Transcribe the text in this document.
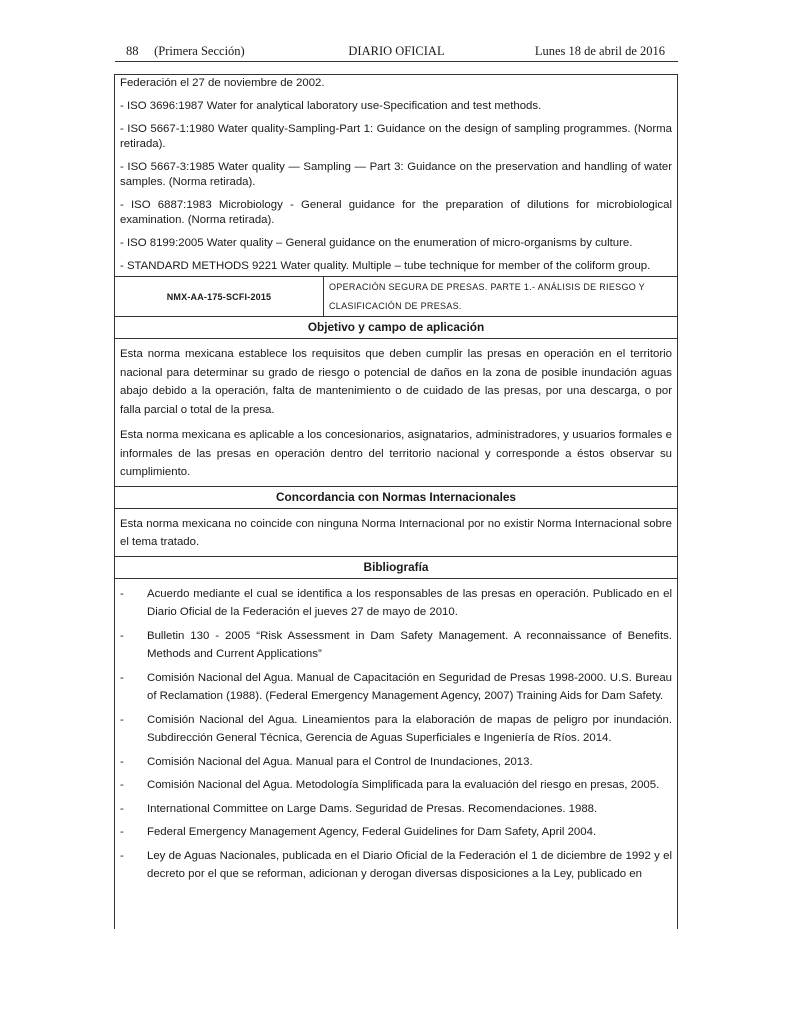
88     (Primera Sección)	DIARIO OFICIAL	Lunes 18 de abril de 2016

Federación el 27 de noviembre de 2002.

- ISO 3696:1987 Water for analytical laboratory use-Specification and test methods.

- ISO 5667-1:1980 Water quality-Sampling-Part 1: Guidance on the design of sampling programmes. (Norma retirada).

- ISO 5667-3:1985 Water quality — Sampling — Part 3: Guidance on the preservation and handling of water samples. (Norma retirada).

- ISO 6887:1983 Microbiology - General guidance for the preparation of dilutions for microbiological examination. (Norma retirada).

- ISO 8199:2005 Water quality – General guidance on the enumeration of micro-organisms by culture.

- STANDARD METHODS 9221 Water quality. Multiple – tube technique for member of the coliform group.

NMX-AA-175-SCFI-2015
OPERACIÓN SEGURA DE PRESAS. PARTE 1.- ANÁLISIS DE RIESGO Y CLASIFICACIÓN DE PRESAS.
Objetivo y campo de aplicación

Esta norma mexicana establece los requisitos que deben cumplir las presas en operación en el territorio nacional para determinar su grado de riesgo o potencial de daños en la zona de posible inundación aguas abajo debido a la operación, falta de mantenimiento o de cuidado de las presas, por una descarga, o por falla parcial o total de la presa.

Esta norma mexicana es aplicable a los concesionarios, asignatarios, administradores, y usuarios formales e informales de las presas en operación dentro del territorio nacional y corresponde a éstos observar su cumplimiento.

Concordancia con Normas Internacionales

Esta norma mexicana no coincide con ninguna Norma Internacional por no existir Norma Internacional sobre el tema tratado.

Bibliografía
-	Acuerdo mediante el cual se identifica a los responsables de las presas en operación. Publicado en el Diario Oficial de la Federación el jueves 27 de mayo de 2010.
-	Bulletin 130 - 2005 “Risk Assessment in Dam Safety Management. A reconnaissance of Benefits. Methods and Current Applications”
-	Comisión Nacional del Agua. Manual de Capacitación en Seguridad de Presas 1998-2000. U.S. Bureau of Reclamation (1988). (Federal Emergency Management Agency, 2007) Training Aids for Dam Safety.
-	Comisión Nacional del Agua. Lineamientos para la elaboración de mapas de peligro por inundación. Subdirección General Técnica, Gerencia de Aguas Superficiales e Ingeniería de Ríos. 2014.
-	Comisión Nacional del Agua. Manual para el Control de Inundaciones, 2013.
-	Comisión Nacional del Agua. Metodología Simplificada para la evaluación del riesgo en presas, 2005.
-	International Committee on Large Dams. Seguridad de Presas. Recomendaciones. 1988.
-	Federal Emergency Management Agency, Federal Guidelines for Dam Safety, April 2004.
-	Ley de Aguas Nacionales, publicada en el Diario Oficial de la Federación el 1 de diciembre de 1992 y el decreto por el que se reforman, adicionan y derogan diversas disposiciones a la Ley, publicado en
